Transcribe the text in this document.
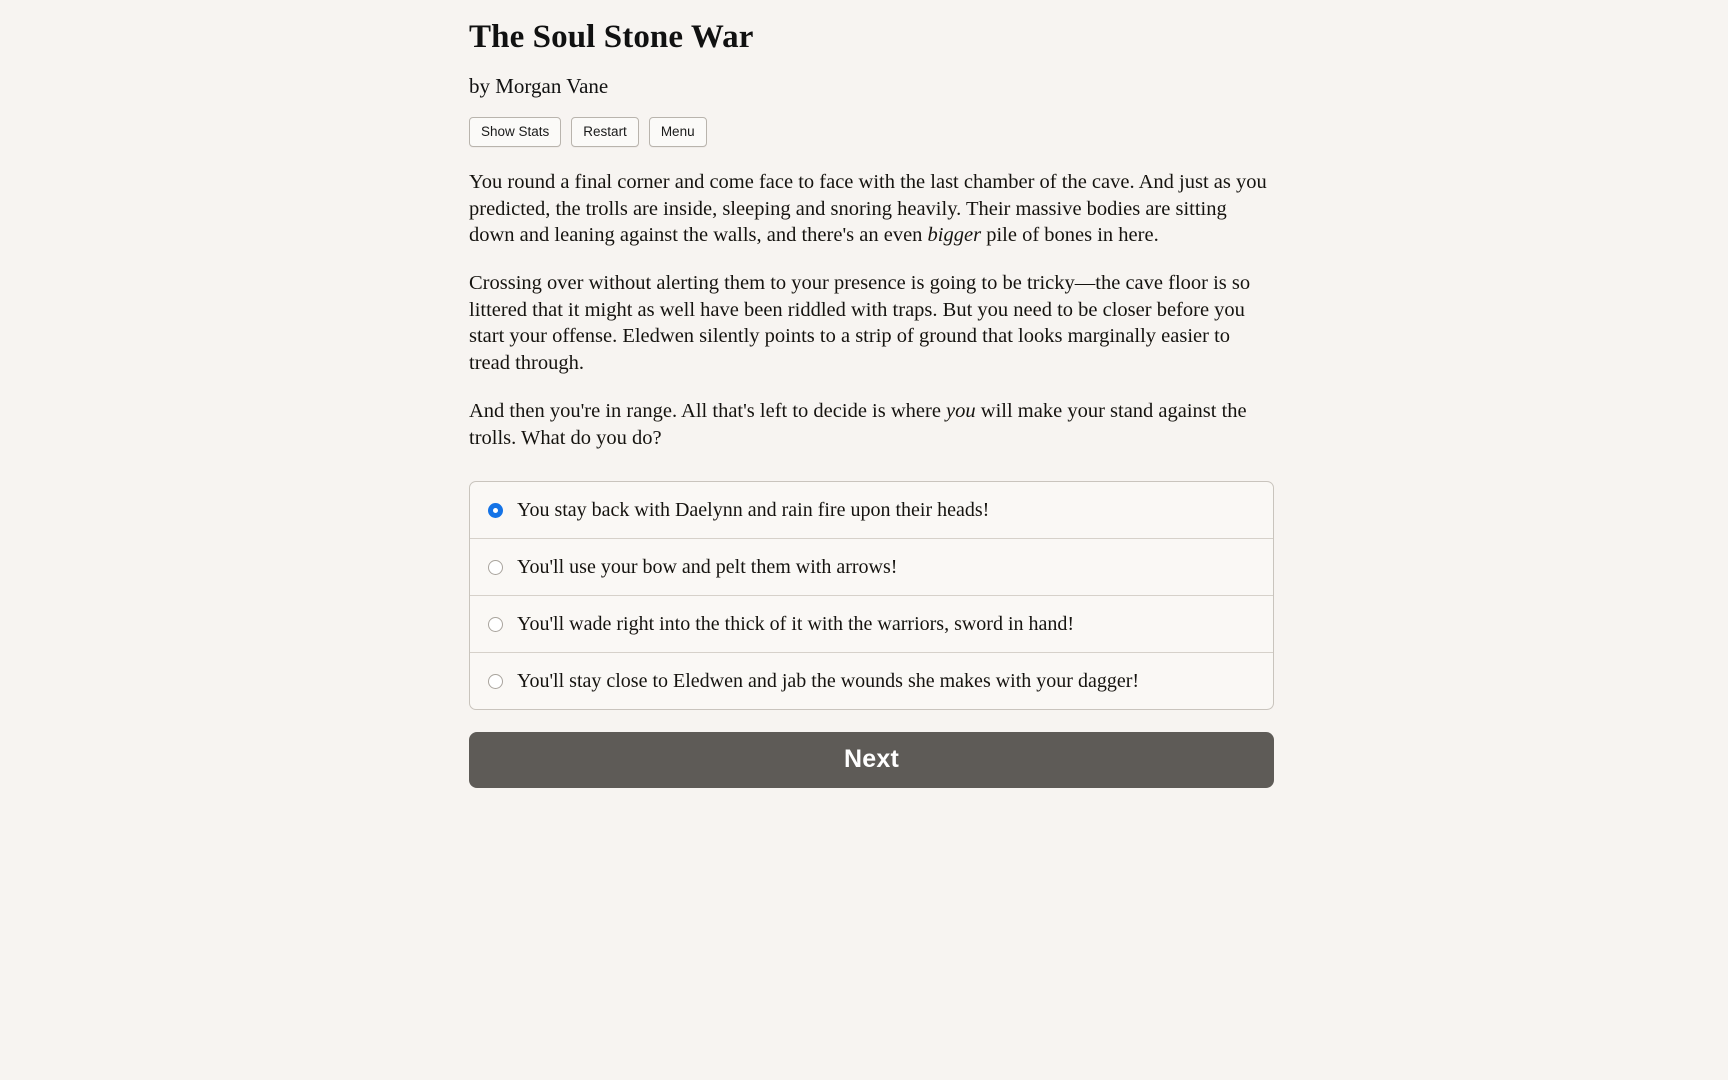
The Soul Stone War
by Morgan Vane
Show Stats	Restart	Menu

You round a final corner and come face to face with the last chamber of the cave. And just as you predicted, the trolls are inside, sleeping and snoring heavily. Their massive bodies are sitting down and leaning against the walls, and there's an even bigger pile of bones in here.

Crossing over without alerting them to your presence is going to be tricky—the cave floor is so littered that it might as well have been riddled with traps. But you need to be closer before you start your offense. Eledwen silently points to a strip of ground that looks marginally easier to tread through.

And then you're in range. All that's left to decide is where you will make your stand against the trolls. What do you do?

You stay back with Daelynn and rain fire upon their heads!
You'll use your bow and pelt them with arrows!
You'll wade right into the thick of it with the warriors, sword in hand!
You'll stay close to Eledwen and jab the wounds she makes with your dagger!
Next
